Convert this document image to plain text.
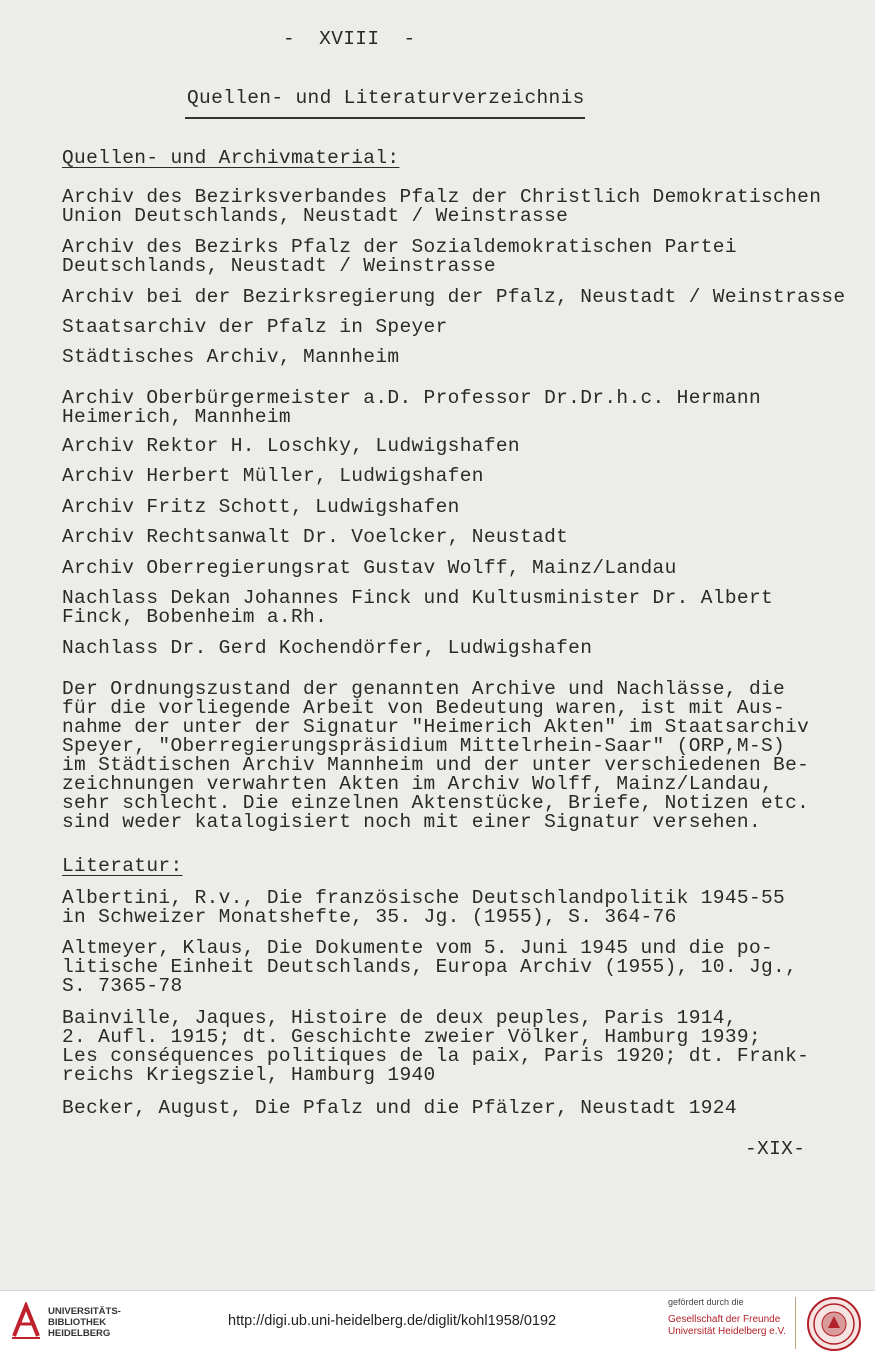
-  XVIII  -
Quellen- und Literaturverzeichnis
Quellen- und Archivmaterial:
Archiv des Bezirksverbandes Pfalz der Christlich Demokratischen
Union Deutschlands, Neustadt / Weinstrasse
Archiv des Bezirks Pfalz der Sozialdemokratischen Partei
Deutschlands, Neustadt / Weinstrasse
Archiv bei der Bezirksregierung der Pfalz, Neustadt / Weinstrasse
Staatsarchiv der Pfalz in Speyer
Städtisches Archiv, Mannheim
Archiv Oberbürgermeister a.D. Professor Dr.Dr.h.c. Hermann
Heimerich, Mannheim
Archiv Rektor H. Loschky, Ludwigshafen
Archiv Herbert Müller, Ludwigshafen
Archiv Fritz Schott, Ludwigshafen
Archiv Rechtsanwalt Dr. Voelcker, Neustadt
Archiv Oberregierungsrat Gustav Wolff, Mainz/Landau
Nachlass Dekan Johannes Finck und Kultusminister Dr. Albert
Finck, Bobenheim a.Rh.
Nachlass Dr. Gerd Kochendörfer, Ludwigshafen
Der Ordnungszustand der genannten Archive und Nachlässe, die
für die vorliegende Arbeit von Bedeutung waren, ist mit Aus-
nahme der unter der Signatur "Heimerich Akten" im Staatsarchiv
Speyer, "Oberregierungspräsidium Mittelrhein-Saar" (ORP,M-S)
im Städtischen Archiv Mannheim und der unter verschiedenen Be-
zeichnungen verwahrten Akten im Archiv Wolff, Mainz/Landau,
sehr schlecht. Die einzelnen Aktenstücke, Briefe, Notizen etc.
sind weder katalogisiert noch mit einer Signatur versehen.
Literatur:
Albertini, R.v., Die französische Deutschlandpolitik 1945-55
in Schweizer Monatshefte, 35. Jg. (1955), S. 364-76
Altmeyer, Klaus, Die Dokumente vom 5. Juni 1945 und die po-
litische Einheit Deutschlands, Europa Archiv (1955), 10. Jg.,
S. 7365-78
Bainville, Jaques, Histoire de deux peuples, Paris 1914,
2. Aufl. 1915; dt. Geschichte zweier Völker, Hamburg 1939;
Les conséquences politiques de la paix, Paris 1920; dt. Frank-
reichs Kriegsziel, Hamburg 1940
Becker, August, Die Pfalz und die Pfälzer, Neustadt 1924
-XIX-
UNIVERSITÄTS-
BIBLIOTHEK
HEIDELBERG
http://digi.ub.uni-heidelberg.de/diglit/kohl1958/0192
gefördert durch die
Gesellschaft der Freunde
Universität Heidelberg e.V.
